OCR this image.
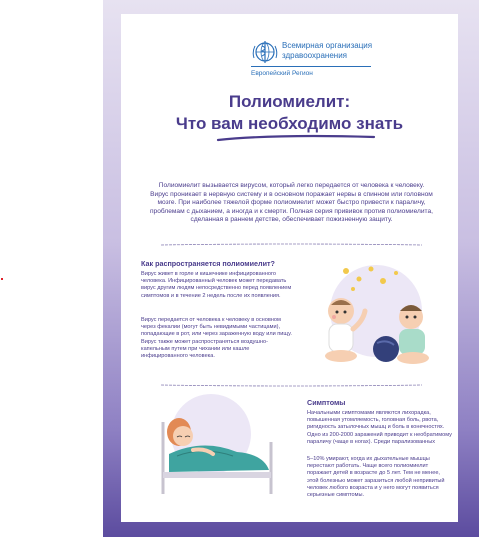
Всемирная организация
здравоохранения
Европейский Регион
Полиомиелит:
Что вам необходимо знать
Полиомиелит вызывается вирусом, который легко передается от человека к человеку. Вирус проникает в нервную систему и в основном поражает нервы в спинном или головном мозге. При наиболее тяжелой форме полиомиелит может быстро привести к параличу, проблемам с дыханием, а иногда и к смерти. Полная серия прививок против полиомиелита, сделанная в раннем детстве, обеспечивает пожизненную защиту.
Как распространяется полиомиелит?
Вирус живет в горле и кишечнике инфицированного человека. Инфицированный человек может передавать вирус другим людям непосредственно перед появлением симптомов и в течение 2 недель после их появления.
Вирус передается от человека к человеку в основном через фекалии (могут быть невидимыми частицами), попадающие в рот, или через зараженную воду или пищу. Вирус также может распространяться воздушно-капельным путем при чихании или кашле инфицированного человека.
Симптомы
Начальными симптомами являются лихорадка, повышенная утомляемость, головная боль, рвота, ригидность затылочных мышц и боль в конечностях. Одно из 200-2000 заражений приводит к необратимому параличу (чаще в ногах). Среди парализованных
5–10% умирают, когда их дыхательные мышцы перестают работать. Чаще всего полиомиелит поражает детей в возрасте до 5 лет. Тем не менее, этой болезнью может заразиться любой непривитый человек любого возраста и у него могут появиться серьезные симптомы.
